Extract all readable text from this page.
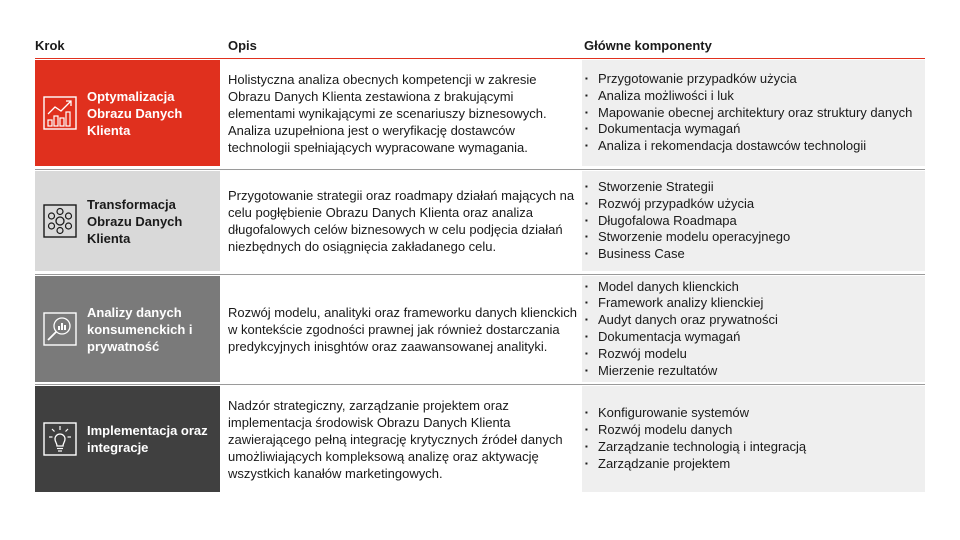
Krok	Opis	Główne komponenty
Optymalizacja Obrazu Danych Klienta
Holistyczna analiza obecnych kompetencji w zakresie Obrazu Danych Klienta zestawiona z brakującymi elementami wynikającymi ze scenariuszy biznesowych. Analiza uzupełniona jest o weryfikację dostawców technologii spełniających wypracowane wymagania.
▪ Przygotowanie przypadków użycia
▪ Analiza możliwości i luk
▪ Mapowanie obecnej architektury oraz struktury danych
▪ Dokumentacja wymagań
▪ Analiza i rekomendacja dostawców technologii
Transformacja Obrazu Danych Klienta
Przygotowanie strategii oraz roadmapy działań mających na celu pogłębienie Obrazu Danych Klienta oraz analiza długofalowych celów biznesowych w celu podjęcia działań niezbędnych do osiągnięcia zakładanego celu.
▪ Stworzenie Strategii
▪ Rozwój przypadków użycia
▪ Długofalowa Roadmapa
▪ Stworzenie modelu operacyjnego
▪ Business Case
Analizy danych konsumenckich i prywatność
Rozwój modelu, analityki oraz frameworku danych klienckich w kontekście zgodności prawnej jak również dostarczania predykcyjnych inisghtów oraz zaawansowanej analityki.
▪ Model danych klienckich
▪ Framework analizy klienckiej
▪ Audyt danych oraz prywatności
▪ Dokumentacja wymagań
▪ Rozwój modelu
▪ Mierzenie rezultatów
Implementacja oraz integracje
Nadzór strategiczny, zarządzanie projektem oraz implementacja środowisk Obrazu Danych Klienta zawierającego pełną integrację krytycznych źródeł danych umożliwiających kompleksową analizę oraz aktywację wszystkich kanałów marketingowych.
▪ Konfigurowanie systemów
▪ Rozwój modelu danych
▪ Zarządzanie technologią i integracją
▪ Zarządzanie projektem
